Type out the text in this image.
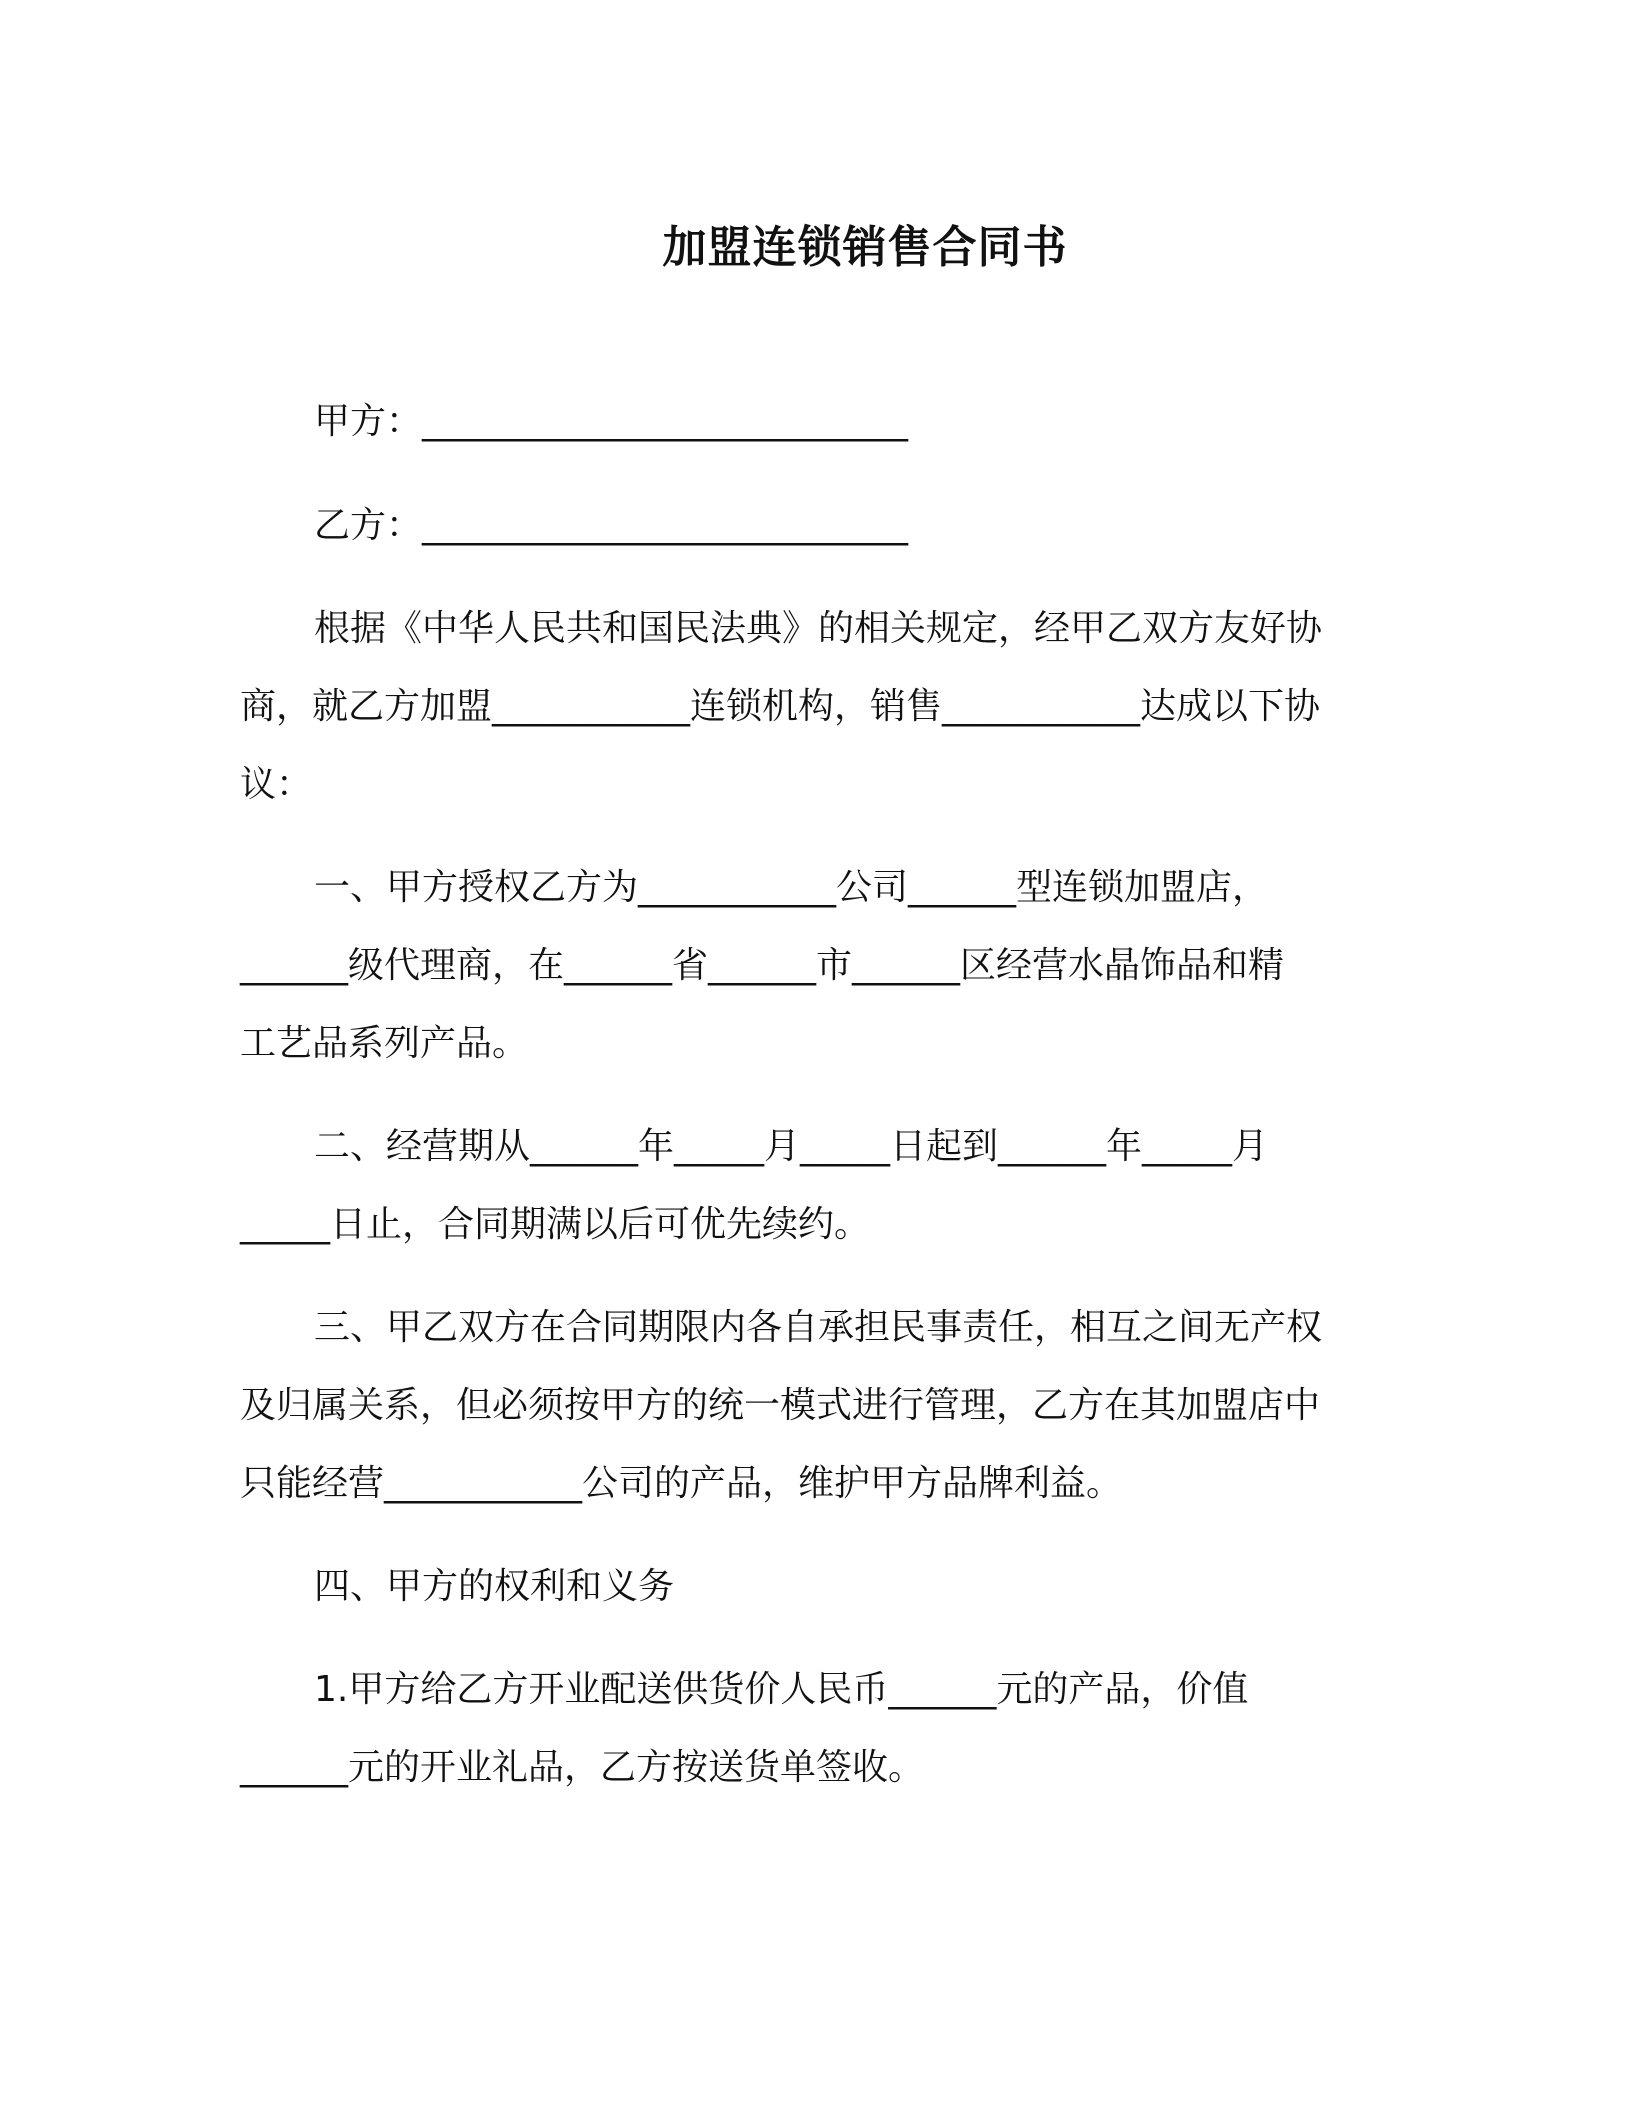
加盟连锁销售合同书
甲方：___________________________
乙方：___________________________
根据《中华人民共和国民法典》的相关规定，经甲乙双方友好协
商，就乙方加盟___________连锁机构，销售___________达成以下协
议：
一、甲方授权乙方为___________公司______型连锁加盟店，
______级代理商，在______省______市______区经营水晶饰品和精
工艺品系列产品。
二、经营期从______年_____月_____日起到______年_____月
_____日止，合同期满以后可优先续约。
三、甲乙双方在合同期限内各自承担民事责任，相互之间无产权
及归属关系，但必须按甲方的统一模式进行管理，乙方在其加盟店中
只能经营___________公司的产品，维护甲方品牌利益。
四、甲方的权利和义务
1.甲方给乙方开业配送供货价人民币______元的产品，价值
______元的开业礼品，乙方按送货单签收。
